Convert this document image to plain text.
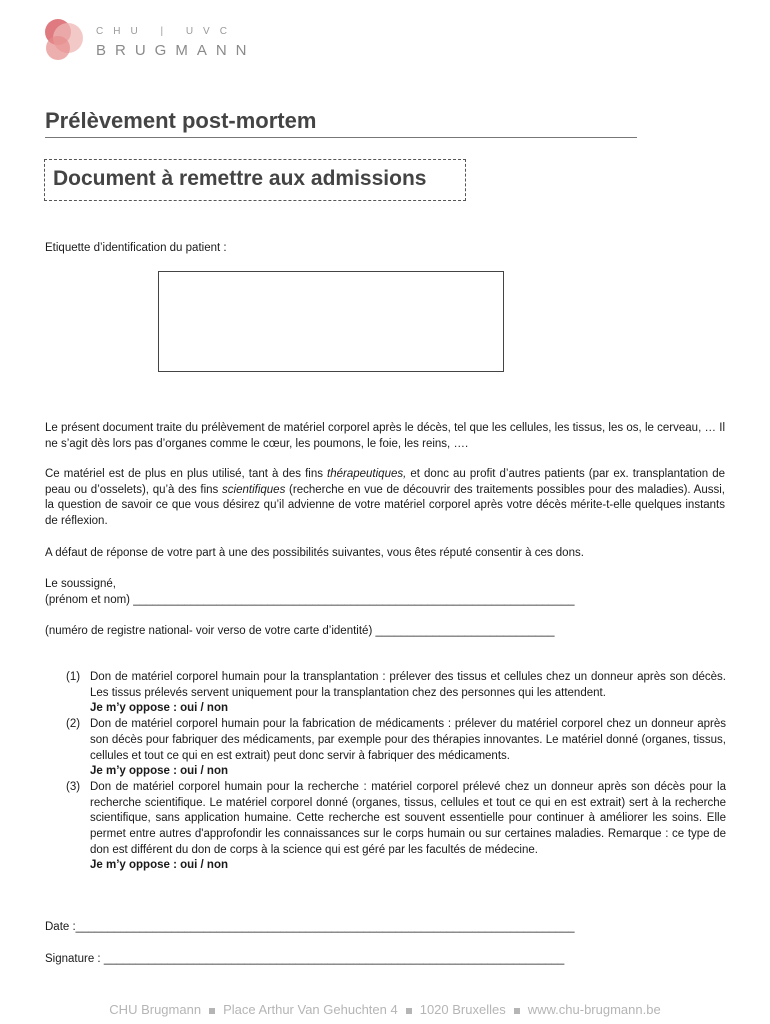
CHU | UVC
BRUGMANN
Prélèvement post-mortem
Document à remettre aux admissions

Etiquette d’identification du patient :

Le présent document traite du prélèvement de matériel corporel après le décès, tel que les cellules, les tissus, les os, le cerveau, … Il ne s’agit dès lors pas d’organes comme le cœur, les poumons, le foie, les reins, ….

Ce matériel est de plus en plus utilisé, tant à des fins thérapeutiques, et donc au profit d’autres patients (par ex. transplantation de peau ou d’osselets), qu’à des fins scientifiques (recherche en vue de découvrir des traitements possibles pour des maladies). Aussi, la question de savoir ce que vous désirez qu’il advienne de votre matériel corporel après votre décès mérite-t-elle quelques instants de réflexion.

A défaut de réponse de votre part à une des possibilités suivantes, vous êtes réputé consentir à ces dons.

Le soussigné,

(prénom et nom) _____________________________________________________________________

(numéro de registre national- voir verso de votre carte d’identité) ____________________________

(1) Don de matériel corporel humain pour la transplantation : prélever des tissus et cellules chez un donneur après son décès. Les tissus prélevés servent uniquement pour la transplantation chez des personnes qui les attendent.
Je m’y oppose : oui / non
(2) Don de matériel corporel humain pour la fabrication de médicaments : prélever du matériel corporel chez un donneur après son décès pour fabriquer des médicaments, par exemple pour des thérapies innovantes. Le matériel donné (organes, tissus, cellules et tout ce qui en est extrait) peut donc servir à fabriquer des médicaments.
Je m’y oppose : oui / non
(3) Don de matériel corporel humain pour la recherche : matériel corporel prélevé chez un donneur après son décès pour la recherche scientifique. Le matériel corporel donné (organes, tissus, cellules et tout ce qui en est extrait) sert à la recherche scientifique, sans application humaine. Cette recherche est souvent essentielle pour continuer à améliorer les soins. Elle permet entre autres d'approfondir les connaissances sur le corps humain ou sur certaines maladies. Remarque : ce type de don est différent du don de corps à la science qui est géré par les facultés de médecine.
Je m’y oppose : oui / non

Date :______________________________________________________________________________

Signature : ________________________________________________________________________

CHU Brugmann Place Arthur Van Gehuchten 4 1020 Bruxelles www.chu-brugmann.be
